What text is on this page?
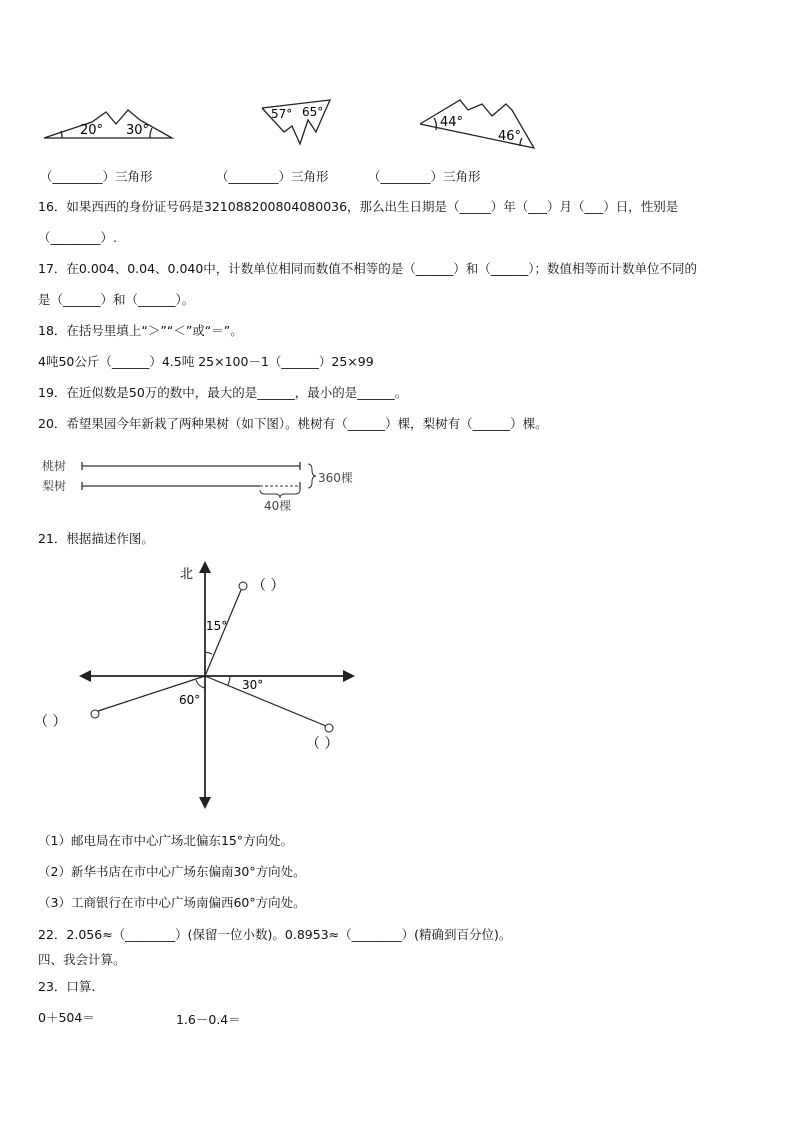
20° 30°
57° 65°
44°
46°
（________）三角形	（________）三角形	（________）三角形
16．如果西西的身份证号码是321088200804080036，那么出生日期是（_____）年（___）月（___）日，性别是
（________）.
17．在0.004、0.04、0.040中，计数单位相同而数值不相等的是（______）和（______）；数值相等而计数单位不同的
是（______）和（______）。
18．在括号里填上“＞”“＜”或“＝”。
4吨50公斤（______）4.5吨 25×100－1（______）25×99
19．在近似数是50万的数中，最大的是______，最小的是______。
20．希望果园今年新栽了两种果树（如下图）。桃树有（______）棵，梨树有（______）棵。
桃树
梨树
360棵
40棵
21．根据描述作图。
北
15°
30°
60°
（ ）
（ ）
（ ）
（1）邮电局在市中心广场北偏东15°方向处。
（2）新华书店在市中心广场东偏南30°方向处。
（3）工商银行在市中心广场南偏西60°方向处。
22．2.056≈（________）(保留一位小数)。0.8953≈（________）(精确到百分位)。
四、我会计算。
23．口算.
0＋504＝	1.6－0.4＝
